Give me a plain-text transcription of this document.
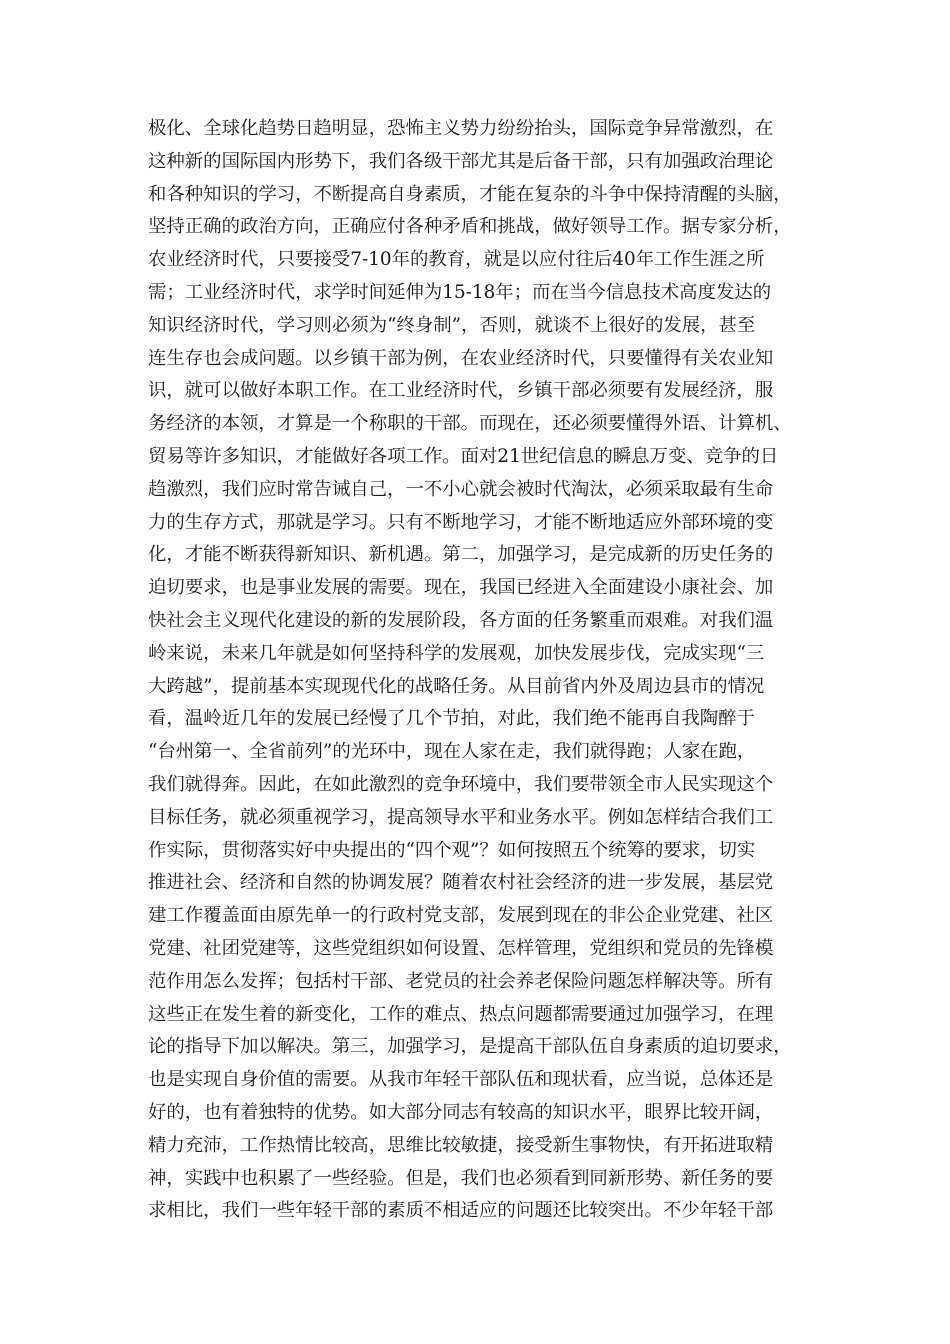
极化、全球化趋势日趋明显，恐怖主义势力纷纷抬头，国际竞争异常激烈，在
这种新的国际国内形势下，我们各级干部尤其是后备干部，只有加强政治理论
和各种知识的学习，不断提高自身素质，才能在复杂的斗争中保持清醒的头脑，
坚持正确的政治方向，正确应付各种矛盾和挑战，做好领导工作。据专家分析，
农业经济时代，只要接受7-10年的教育，就是以应付往后40年工作生涯之所
需；工业经济时代，求学时间延伸为15-18年；而在当今信息技术高度发达的
知识经济时代，学习则必须为“终身制”，否则，就谈不上很好的发展，甚至
连生存也会成问题。以乡镇干部为例，在农业经济时代，只要懂得有关农业知
识，就可以做好本职工作。在工业经济时代，乡镇干部必须要有发展经济，服
务经济的本领，才算是一个称职的干部。而现在，还必须要懂得外语、计算机、
贸易等许多知识，才能做好各项工作。面对21世纪信息的瞬息万变、竞争的日
趋激烈，我们应时常告诫自己，一不小心就会被时代淘汰，必须采取最有生命
力的生存方式，那就是学习。只有不断地学习，才能不断地适应外部环境的变
化，才能不断获得新知识、新机遇。第二，加强学习，是完成新的历史任务的
迫切要求，也是事业发展的需要。现在，我国已经进入全面建设小康社会、加
快社会主义现代化建设的新的发展阶段，各方面的任务繁重而艰难。对我们温
岭来说，未来几年就是如何坚持科学的发展观，加快发展步伐，完成实现“三
大跨越”，提前基本实现现代化的战略任务。从目前省内外及周边县市的情况
看，温岭近几年的发展已经慢了几个节拍，对此，我们绝不能再自我陶醉于
“台州第一、全省前列”的光环中，现在人家在走，我们就得跑；人家在跑，
我们就得奔。因此，在如此激烈的竞争环境中，我们要带领全市人民实现这个
目标任务，就必须重视学习，提高领导水平和业务水平。例如怎样结合我们工
作实际，贯彻落实好中央提出的“四个观”？如何按照五个统筹的要求，切实
推进社会、经济和自然的协调发展？随着农村社会经济的进一步发展，基层党
建工作覆盖面由原先单一的行政村党支部，发展到现在的非公企业党建、社区
党建、社团党建等，这些党组织如何设置、怎样管理，党组织和党员的先锋模
范作用怎么发挥；包括村干部、老党员的社会养老保险问题怎样解决等。所有
这些正在发生着的新变化，工作的难点、热点问题都需要通过加强学习，在理
论的指导下加以解决。第三，加强学习，是提高干部队伍自身素质的迫切要求，
也是实现自身价值的需要。从我市年轻干部队伍和现状看，应当说，总体还是
好的，也有着独特的优势。如大部分同志有较高的知识水平，眼界比较开阔，
精力充沛，工作热情比较高，思维比较敏捷，接受新生事物快，有开拓进取精
神，实践中也积累了一些经验。但是，我们也必须看到同新形势、新任务的要
求相比，我们一些年轻干部的素质不相适应的问题还比较突出。不少年轻干部
